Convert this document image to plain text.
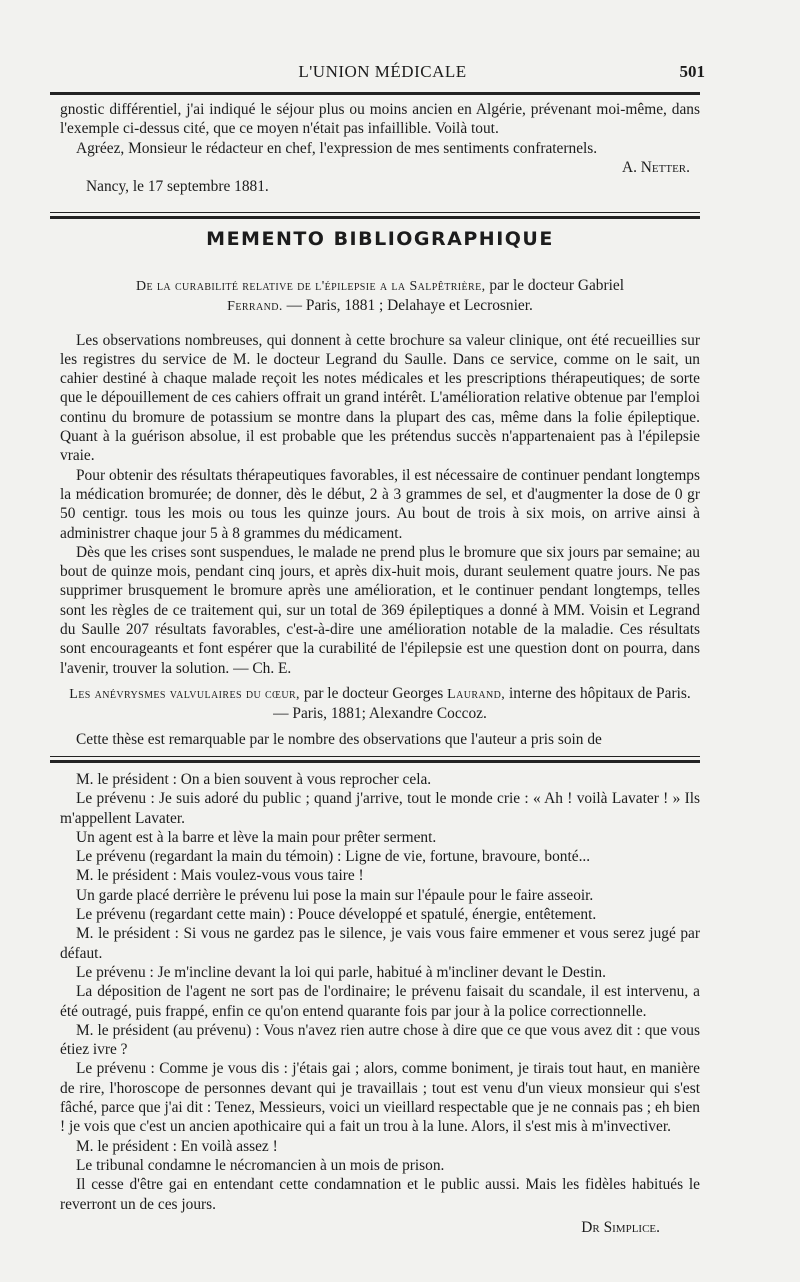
L'UNION MÉDICALE	501

gnostic différentiel, j'ai indiqué le séjour plus ou moins ancien en Algérie, prévenant moi-même, dans l'exemple ci-dessus cité, que ce moyen n'était pas infaillible. Voilà tout.

Agréez, Monsieur le rédacteur en chef, l'expression de mes sentiments confraternels.

A. Netter.

Nancy, le 17 septembre 1881.

MEMENTO BIBLIOGRAPHIQUE

De la curabilité relative de l'épilepsie a la Salpêtrière, par le docteur Gabriel
Ferrand. — Paris, 1881 ; Delahaye et Lecrosnier.

Les observations nombreuses, qui donnent à cette brochure sa valeur clinique, ont été recueillies sur les registres du service de M. le docteur Legrand du Saulle. Dans ce service, comme on le sait, un cahier destiné à chaque malade reçoit les notes médicales et les prescriptions thérapeutiques; de sorte que le dépouillement de ces cahiers offrait un grand intérêt. L'amélioration relative obtenue par l'emploi continu du bromure de potassium se montre dans la plupart des cas, même dans la folie épileptique. Quant à la guérison absolue, il est probable que les prétendus succès n'appartenaient pas à l'épilepsie vraie.

Pour obtenir des résultats thérapeutiques favorables, il est nécessaire de continuer pendant longtemps la médication bromurée; de donner, dès le début, 2 à 3 grammes de sel, et d'augmenter la dose de 0 gr 50 centigr. tous les mois ou tous les quinze jours. Au bout de trois à six mois, on arrive ainsi à administrer chaque jour 5 à 8 grammes du médicament.

Dès que les crises sont suspendues, le malade ne prend plus le bromure que six jours par semaine; au bout de quinze mois, pendant cinq jours, et après dix-huit mois, durant seulement quatre jours. Ne pas supprimer brusquement le bromure après une amélioration, et le continuer pendant longtemps, telles sont les règles de ce traitement qui, sur un total de 369 épileptiques a donné à MM. Voisin et Legrand du Saulle 207 résultats favorables, c'est-à-dire une amélioration notable de la maladie. Ces résultats sont encourageants et font espérer que la curabilité de l'épilepsie est une question dont on pourra, dans l'avenir, trouver la solution. — Ch. E.

Les anévrysmes valvulaires du cœur, par le docteur Georges Laurand, interne des hôpitaux de Paris. — Paris, 1881; Alexandre Coccoz.

Cette thèse est remarquable par le nombre des observations que l'auteur a pris soin de

M. le président : On a bien souvent à vous reprocher cela.

Le prévenu : Je suis adoré du public ; quand j'arrive, tout le monde crie : « Ah ! voilà Lavater ! » Ils m'appellent Lavater.

Un agent est à la barre et lève la main pour prêter serment.

Le prévenu (regardant la main du témoin) : Ligne de vie, fortune, bravoure, bonté...

M. le président : Mais voulez-vous vous taire !

Un garde placé derrière le prévenu lui pose la main sur l'épaule pour le faire asseoir.

Le prévenu (regardant cette main) : Pouce développé et spatulé, énergie, entêtement.

M. le président : Si vous ne gardez pas le silence, je vais vous faire emmener et vous serez jugé par défaut.

Le prévenu : Je m'incline devant la loi qui parle, habitué à m'incliner devant le Destin.

La déposition de l'agent ne sort pas de l'ordinaire; le prévenu faisait du scandale, il est intervenu, a été outragé, puis frappé, enfin ce qu'on entend quarante fois par jour à la police correctionnelle.

M. le président (au prévenu) : Vous n'avez rien autre chose à dire que ce que vous avez dit : que vous étiez ivre ?

Le prévenu : Comme je vous dis : j'étais gai ; alors, comme boniment, je tirais tout haut, en manière de rire, l'horoscope de personnes devant qui je travaillais ; tout est venu d'un vieux monsieur qui s'est fâché, parce que j'ai dit : Tenez, Messieurs, voici un vieillard respectable que je ne connais pas ; eh bien ! je vois que c'est un ancien apothicaire qui a fait un trou à la lune. Alors, il s'est mis à m'invectiver.

M. le président : En voilà assez !

Le tribunal condamne le nécromancien à un mois de prison.

Il cesse d'être gai en entendant cette condamnation et le public aussi. Mais les fidèles habitués le reverront un de ces jours.

Dr Simplice.
